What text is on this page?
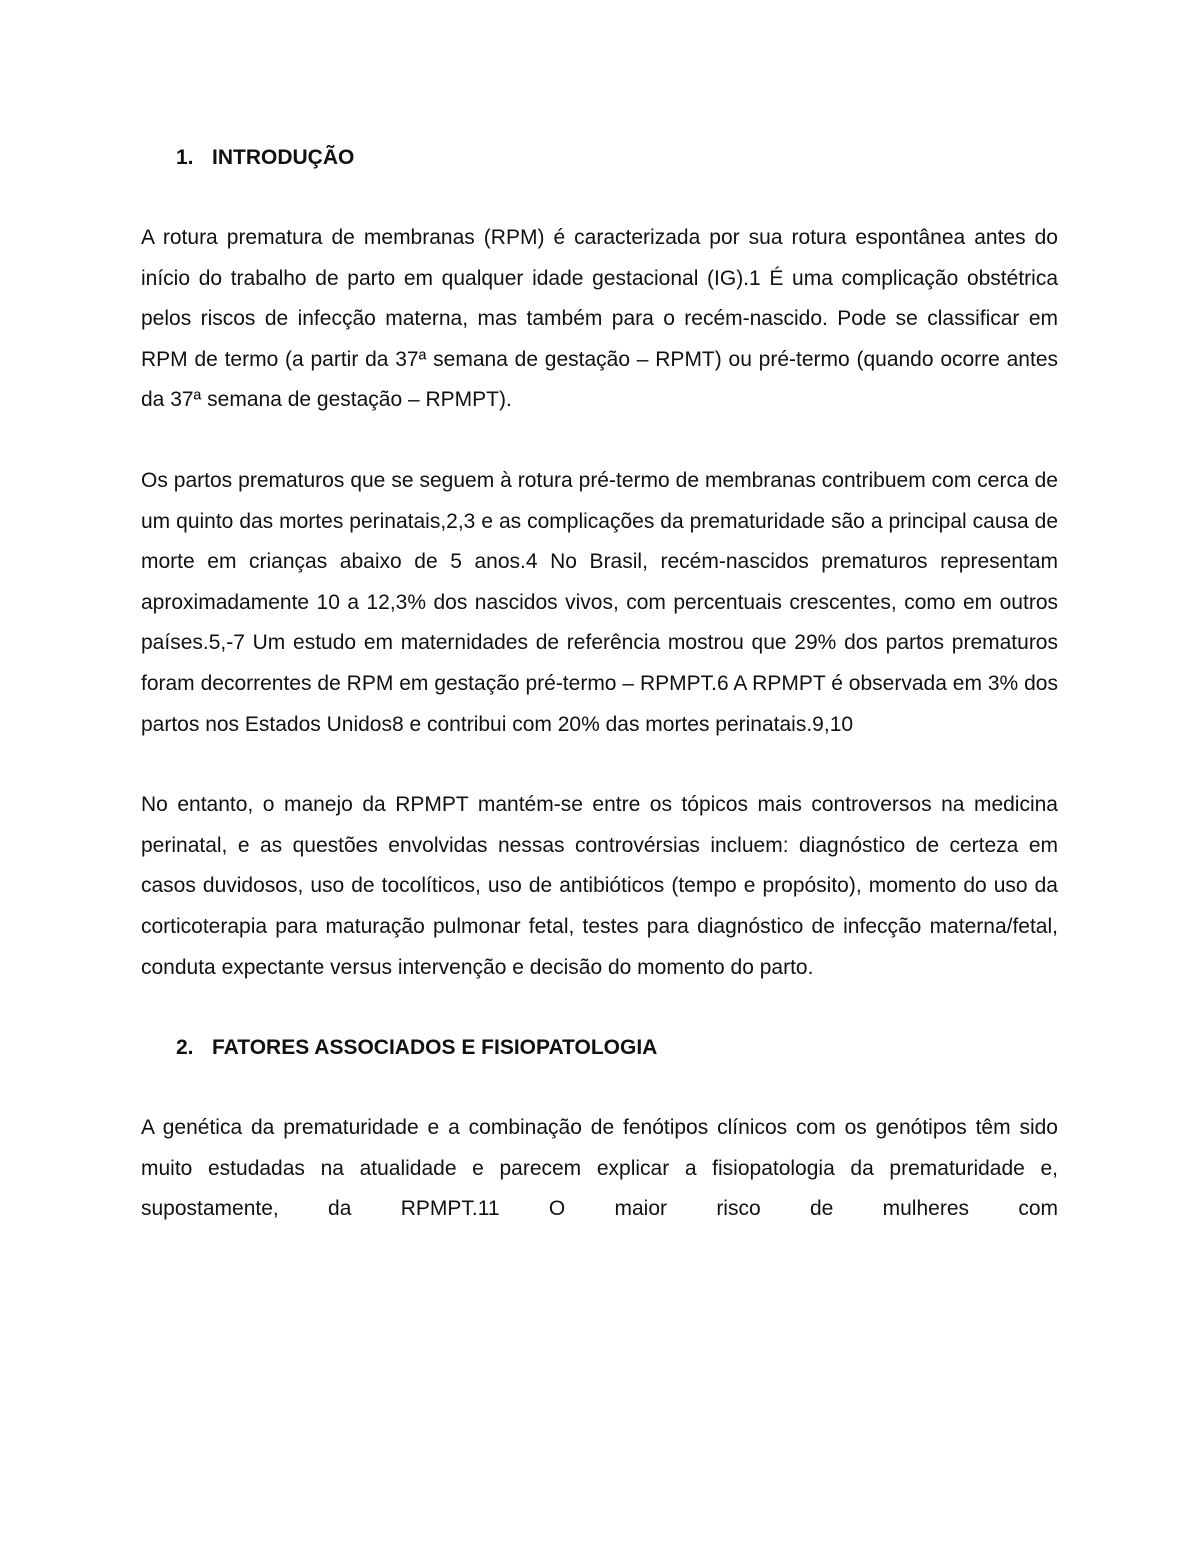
1. INTRODUÇÃO

A rotura prematura de membranas (RPM) é caracterizada por sua rotura espontânea antes do início do trabalho de parto em qualquer idade gestacional (IG).1 É uma complicação obstétrica pelos riscos de infecção materna, mas também para o recém-nascido. Pode se classificar em RPM de termo (a partir da 37ª semana de gestação – RPMT) ou pré-termo (quando ocorre antes da 37ª semana de gestação – RPMPT).

Os partos prematuros que se seguem à rotura pré-termo de membranas contribuem com cerca de um quinto das mortes perinatais,2,3 e as complicações da prematuridade são a principal causa de morte em crianças abaixo de 5 anos.4 No Brasil, recém-nascidos prematuros representam aproximadamente 10 a 12,3% dos nascidos vivos, com percentuais crescentes, como em outros países.5,-7 Um estudo em maternidades de referência mostrou que 29% dos partos prematuros foram decorrentes de RPM em gestação pré-termo – RPMPT.6 A RPMPT é observada em 3% dos partos nos Estados Unidos8 e contribui com 20% das mortes perinatais.9,10

No entanto, o manejo da RPMPT mantém-se entre os tópicos mais controversos na medicina perinatal, e as questões envolvidas nessas controvérsias incluem: diagnóstico de certeza em casos duvidosos, uso de tocolíticos, uso de antibióticos (tempo e propósito), momento do uso da corticoterapia para maturação pulmonar fetal, testes para diagnóstico de infecção materna/fetal, conduta expectante versus intervenção e decisão do momento do parto.

2. FATORES ASSOCIADOS E FISIOPATOLOGIA

A genética da prematuridade e a combinação de fenótipos clínicos com os genótipos têm sido muito estudadas na atualidade e parecem explicar a fisiopatologia da prematuridade e, supostamente, da RPMPT.11 O maior risco de mulheres com
